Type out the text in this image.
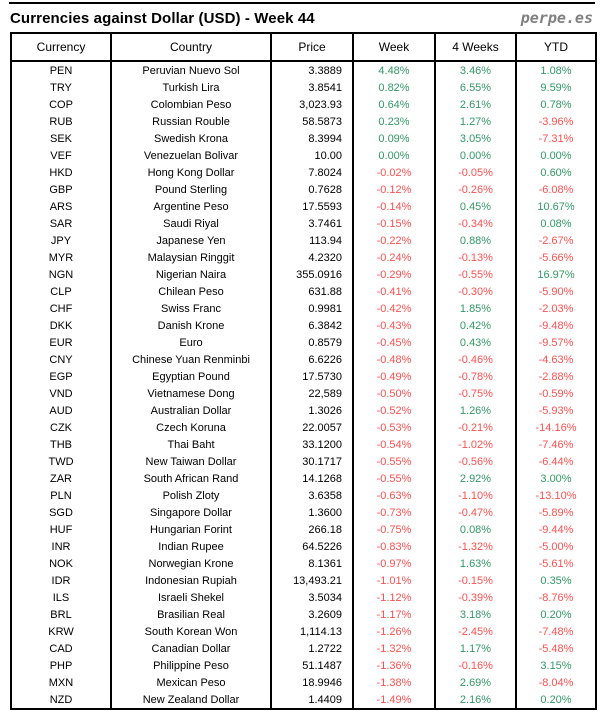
Currencies against Dollar (USD) - Week 44	perpe.es
Currency	Country	Price	Week	4 Weeks	YTD
PEN	Peruvian Nuevo Sol	3.3889	4.48%	3.46%	1.08%
TRY	Turkish Lira	3.8541	0.82%	6.55%	9.59%
COP	Colombian Peso	3,023.93	0.64%	2.61%	0.78%
RUB	Russian Rouble	58.5873	0.23%	1.27%	-3.96%
SEK	Swedish Krona	8.3994	0.09%	3.05%	-7.31%
VEF	Venezuelan Bolivar	10.00	0.00%	0.00%	0.00%
HKD	Hong Kong Dollar	7.8024	-0.02%	-0.05%	0.60%
GBP	Pound Sterling	0.7628	-0.12%	-0.26%	-6.08%
ARS	Argentine Peso	17.5593	-0.14%	0.45%	10.67%
SAR	Saudi Riyal	3.7461	-0.15%	-0.34%	0.08%
JPY	Japanese Yen	113.94	-0.22%	0.88%	-2.67%
MYR	Malaysian Ringgit	4.2320	-0.24%	-0.13%	-5.66%
NGN	Nigerian Naira	355.0916	-0.29%	-0.55%	16.97%
CLP	Chilean Peso	631.88	-0.41%	-0.30%	-5.90%
CHF	Swiss Franc	0.9981	-0.42%	1.85%	-2.03%
DKK	Danish Krone	6.3842	-0.43%	0.42%	-9.48%
EUR	Euro	0.8579	-0.45%	0.43%	-9.57%
CNY	Chinese Yuan Renminbi	6.6226	-0.48%	-0.46%	-4.63%
EGP	Egyptian Pound	17.5730	-0.49%	-0.78%	-2.88%
VND	Vietnamese Dong	22,589	-0.50%	-0.75%	-0.59%
AUD	Australian Dollar	1.3026	-0.52%	1.26%	-5.93%
CZK	Czech Koruna	22.0057	-0.53%	-0.21%	-14.16%
THB	Thai Baht	33.1200	-0.54%	-1.02%	-7.46%
TWD	New Taiwan Dollar	30.1717	-0.55%	-0.56%	-6.44%
ZAR	South African Rand	14.1268	-0.55%	2.92%	3.00%
PLN	Polish Zloty	3.6358	-0.63%	-1.10%	-13.10%
SGD	Singapore Dollar	1.3600	-0.73%	-0.47%	-5.89%
HUF	Hungarian Forint	266.18	-0.75%	0.08%	-9.44%
INR	Indian Rupee	64.5226	-0.83%	-1.32%	-5.00%
NOK	Norwegian Krone	8.1361	-0.97%	1.63%	-5.61%
IDR	Indonesian Rupiah	13,493.21	-1.01%	-0.15%	0.35%
ILS	Israeli Shekel	3.5034	-1.12%	-0.39%	-8.76%
BRL	Brasilian Real	3.2609	-1.17%	3.18%	0.20%
KRW	South Korean Won	1,114.13	-1.26%	-2.45%	-7.48%
CAD	Canadian Dollar	1.2722	-1.32%	1.17%	-5.48%
PHP	Philippine Peso	51.1487	-1.36%	-0.16%	3.15%
MXN	Mexican Peso	18.9946	-1.38%	2.69%	-8.04%
NZD	New Zealand Dollar	1.4409	-1.49%	2.16%	0.20%
